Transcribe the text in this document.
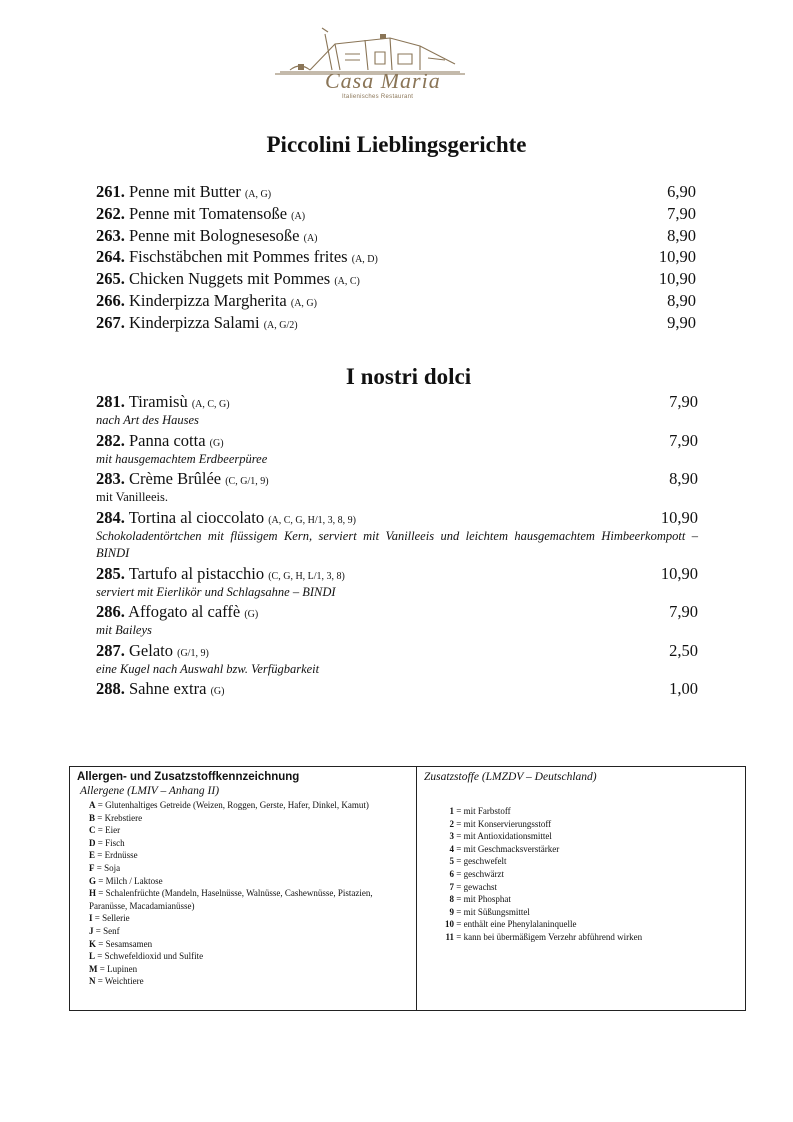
Casa Maria
Italienisches Restaurant
Piccolini Lieblingsgerichte
261. Penne mit Butter (A, G)	6,90
262. Penne mit Tomatensoße (A)	7,90
263. Penne mit Bolognesesoße (A)	8,90
264. Fischstäbchen mit Pommes frites (A, D)	10,90
265. Chicken Nuggets mit Pommes (A, C)	10,90
266. Kinderpizza Margherita (A, G)	8,90
267. Kinderpizza Salami (A, G/2)	9,90
I nostri dolci
281. Tiramisù (A, C, G)	7,90
nach Art des Hauses
282. Panna cotta (G)	7,90
mit hausgemachtem Erdbeerpüree
283. Crème Brûlée (C, G/1, 9)	8,90
mit Vanilleeis.
284. Tortina al cioccolato (A, C, G, H/1, 3, 8, 9)	10,90
Schokoladentörtchen mit flüssigem Kern, serviert mit Vanilleeis und leichtem hausgemachtem Himbeerkompott – BINDI
285. Tartufo al pistacchio (C, G, H, L/1, 3, 8)	10,90
serviert mit Eierlikör und Schlagsahne – BINDI
286. Affogato al caffè (G)	7,90
mit Baileys
287. Gelato (G/1, 9)	2,50
eine Kugel nach Auswahl bzw. Verfügbarkeit
288. Sahne extra (G)	1,00
Allergen- und Zusatzstoffkennzeichnung
Allergene (LMIV – Anhang II)
A = Glutenhaltiges Getreide (Weizen, Roggen, Gerste, Hafer, Dinkel, Kamut)
B = Krebstiere
C = Eier
D = Fisch
E = Erdnüsse
F = Soja
G = Milch / Laktose
H = Schalenfrüchte (Mandeln, Haselnüsse, Walnüsse, Cashewnüsse, Pistazien, Paranüsse, Macadamianüsse)
I = Sellerie
J = Senf
K = Sesamsamen
L = Schwefeldioxid und Sulfite
M = Lupinen
N = Weichtiere
Zusatzstoffe (LMZDV – Deutschland)
1 = mit Farbstoff
2 = mit Konservierungsstoff
3 = mit Antioxidationsmittel
4 = mit Geschmacksverstärker
5 = geschwefelt
6 = geschwärzt
7 = gewachst
8 = mit Phosphat
9 = mit Süßungsmittel
10 = enthält eine Phenylalaninquelle
11 = kann bei übermäßigem Verzehr abführend wirken
